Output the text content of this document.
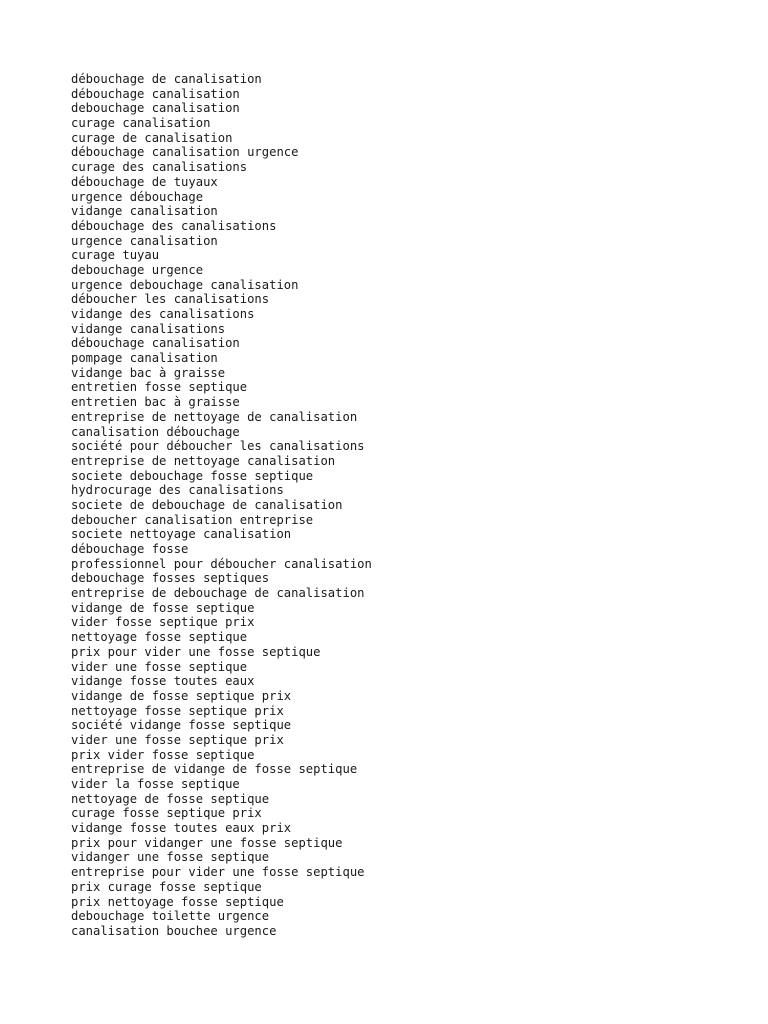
débouchage de canalisation
débouchage canalisation
debouchage canalisation
curage canalisation
curage de canalisation
débouchage canalisation urgence
curage des canalisations
débouchage de tuyaux
urgence débouchage
vidange canalisation
débouchage des canalisations
urgence canalisation
curage tuyau
debouchage urgence
urgence debouchage canalisation
déboucher les canalisations
vidange des canalisations
vidange canalisations
débouchage canalisation
pompage canalisation
vidange bac à graisse
entretien fosse septique
entretien bac à graisse
entreprise de nettoyage de canalisation
canalisation débouchage
société pour déboucher les canalisations
entreprise de nettoyage canalisation
societe debouchage fosse septique
hydrocurage des canalisations
societe de debouchage de canalisation
deboucher canalisation entreprise
societe nettoyage canalisation
débouchage fosse
professionnel pour déboucher canalisation
debouchage fosses septiques
entreprise de debouchage de canalisation
vidange de fosse septique
vider fosse septique prix
nettoyage fosse septique
prix pour vider une fosse septique
vider une fosse septique
vidange fosse toutes eaux
vidange de fosse septique prix
nettoyage fosse septique prix
société vidange fosse septique
vider une fosse septique prix
prix vider fosse septique
entreprise de vidange de fosse septique
vider la fosse septique
nettoyage de fosse septique
curage fosse septique prix
vidange fosse toutes eaux prix
prix pour vidanger une fosse septique
vidanger une fosse septique
entreprise pour vider une fosse septique
prix curage fosse septique
prix nettoyage fosse septique
debouchage toilette urgence
canalisation bouchee urgence
